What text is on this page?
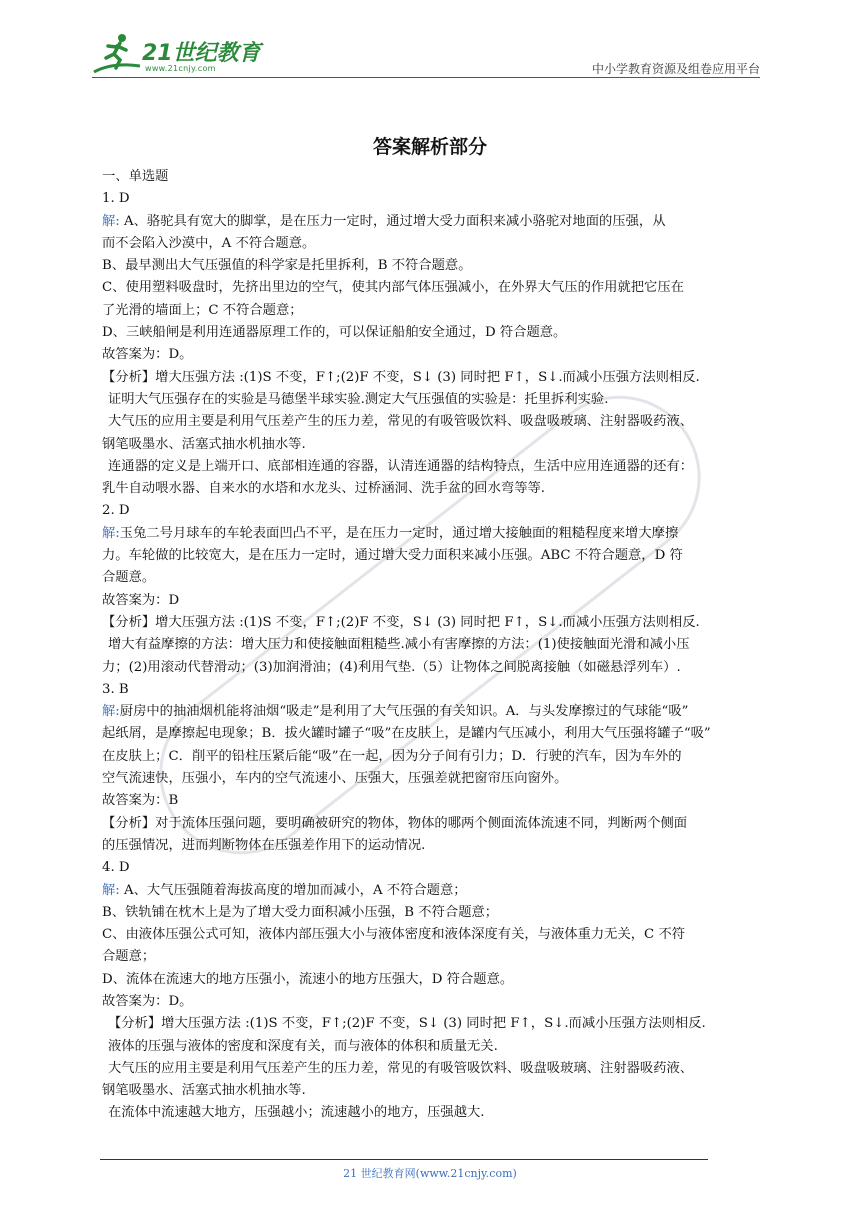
21世纪教育
www.21cnjy.com	中小学教育资源及组卷应用平台
答案解析部分
一、单选题
1. D
解: A、骆驼具有宽大的脚掌，是在压力一定时，通过增大受力面积来减小骆驼对地面的压强，从
而不会陷入沙漠中，A 不符合题意。
B、最早测出大气压强值的科学家是托里拆利，B 不符合题意。
C、使用塑料吸盘时，先挤出里边的空气，使其内部气体压强减小，在外界大气压的作用就把它压在
了光滑的墙面上；C 不符合题意；
D、三峡船闸是利用连通器原理工作的，可以保证船舶安全通过，D 符合题意。
故答案为：D。
【分析】增大压强方法 :(1)S 不变，F↑;(2)F 不变，S↓ (3) 同时把 F↑，S↓.而减小压强方法则相反.
证明大气压强存在的实验是马德堡半球实验.测定大气压强值的实验是：托里拆利实验.
大气压的应用主要是利用气压差产生的压力差，常见的有吸管吸饮料、吸盘吸玻璃、注射器吸药液、
钢笔吸墨水、活塞式抽水机抽水等.
连通器的定义是上端开口、底部相连通的容器，认清连通器的结构特点，生活中应用连通器的还有：
乳牛自动喂水器、自来水的水塔和水龙头、过桥涵洞、洗手盆的回水弯等等.
2. D
解:玉兔二号月球车的车轮表面凹凸不平，是在压力一定时，通过增大接触面的粗糙程度来增大摩擦
力。车轮做的比较宽大，是在压力一定时，通过增大受力面积来减小压强。ABC 不符合题意，D 符
合题意。
故答案为：D
【分析】增大压强方法 :(1)S 不变，F↑;(2)F 不变，S↓ (3) 同时把 F↑，S↓.而减小压强方法则相反.
增大有益摩擦的方法：增大压力和使接触面粗糙些.减小有害摩擦的方法：(1)使接触面光滑和减小压
力；(2)用滚动代替滑动；(3)加润滑油；(4)利用气垫.（5）让物体之间脱离接触（如磁悬浮列车）.
3. B
解:厨房中的抽油烟机能将油烟“吸走”是利用了大气压强的有关知识。A．与头发摩擦过的气球能“吸”
起纸屑，是摩擦起电现象；B．拔火罐时罐子“吸”在皮肤上，是罐内气压减小，利用大气压强将罐子“吸”
在皮肤上；C．削平的铅柱压紧后能“吸”在一起，因为分子间有引力；D．行驶的汽车，因为车外的
空气流速快，压强小，车内的空气流速小、压强大，压强差就把窗帘压向窗外。
故答案为：B
【分析】对于流体压强问题，要明确被研究的物体，物体的哪两个侧面流体流速不同，判断两个侧面
的压强情况，进而判断物体在压强差作用下的运动情况.
4. D
解: A、大气压强随着海拔高度的增加而减小，A 不符合题意；
B、铁轨铺在枕木上是为了增大受力面积减小压强，B 不符合题意；
C、由液体压强公式可知，液体内部压强大小与液体密度和液体深度有关，与液体重力无关，C 不符
合题意；
D、流体在流速大的地方压强小，流速小的地方压强大，D 符合题意。
故答案为：D。
【分析】增大压强方法 :(1)S 不变，F↑;(2)F 不变，S↓ (3) 同时把 F↑，S↓.而减小压强方法则相反.
液体的压强与液体的密度和深度有关，而与液体的体积和质量无关.
大气压的应用主要是利用气压差产生的压力差，常见的有吸管吸饮料、吸盘吸玻璃、注射器吸药液、
钢笔吸墨水、活塞式抽水机抽水等.
在流体中流速越大地方，压强越小；流速越小的地方，压强越大.
21 世纪教育网(www.21cnjy.com)
